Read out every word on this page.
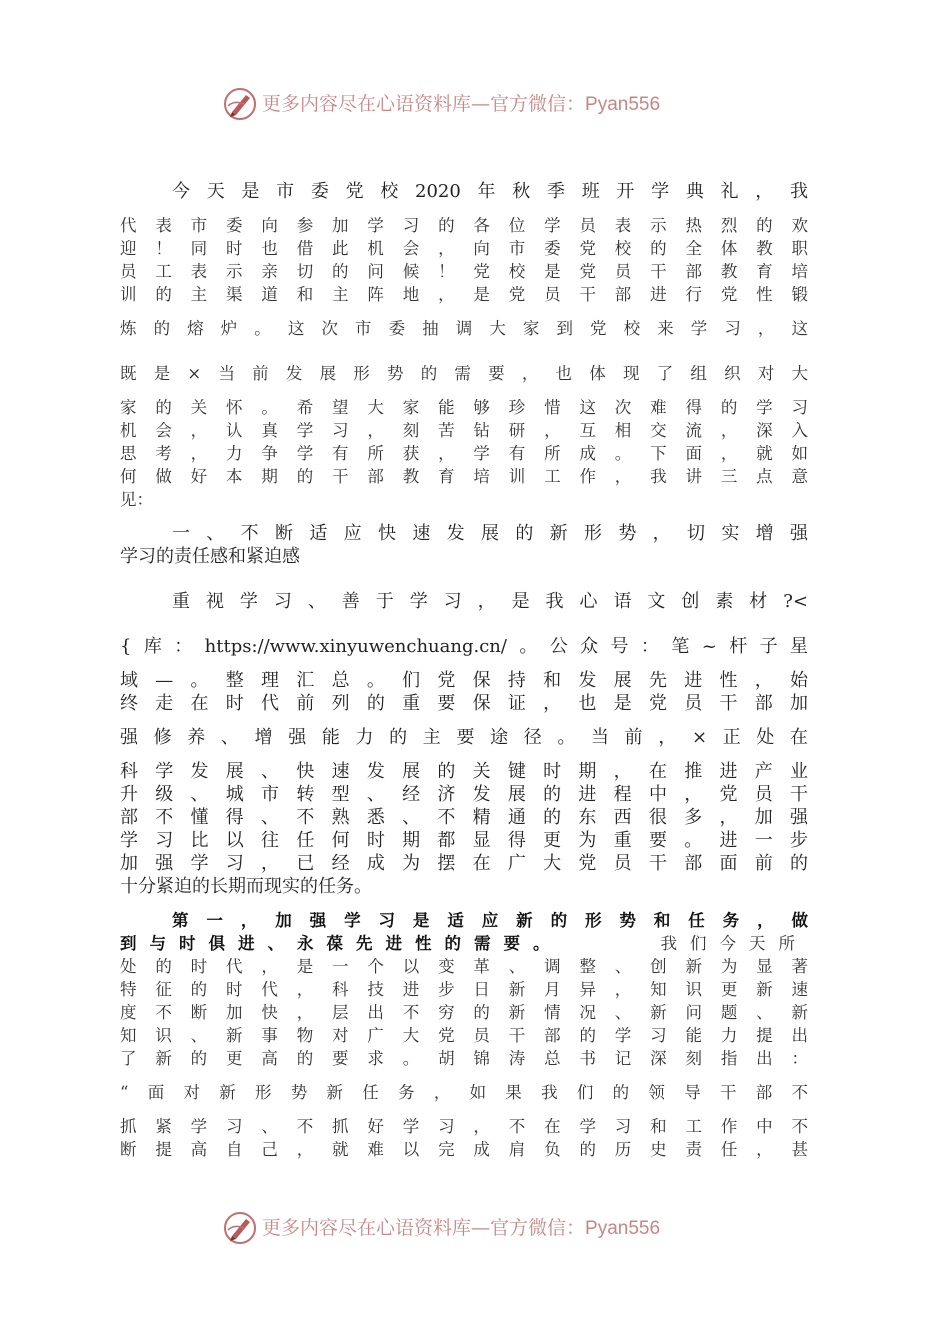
更多内容尽在心语资料库—官方微信：Pyan556
今天是市委党校2020年秋季班开学典礼，我
代表市委向参加学习的各位学员表示热烈的欢
迎！同时也借此机会，向市委党校的全体教职
员工表示亲切的问候！党校是党员干部教育培
训的主渠道和主阵地，是党员干部进行党性锻
炼的熔炉。这次市委抽调大家到党校来学习，这
既是×当前发展形势的需要，也体现了组织对大
家的关怀。希望大家能够珍惜这次难得的学习
机会，认真学习，刻苦钻研，互相交流，深入
思考，力争学有所获，学有所成。下面，就如
何做好本期的干部教育培训工作，我讲三点意
见：
一、不断适应快速发展的新形势，切实增强
学习的责任感和紧迫感
重视学习、善于学习，是我心语文创素材?<
{库：https://www.xinyuwenchuang.cn/。公众号：笔~杆子星
域—。整理汇总。们党保持和发展先进性，始
终走在时代前列的重要保证，也是党员干部加
强修养、增强能力的主要途径。当前，×正处在
科学发展、快速发展的关键时期，在推进产业
升级、城市转型、经济发展的进程中，党员干
部不懂得、不熟悉、不精通的东西很多，加强
学习比以往任何时期都显得更为重要。进一步
加强学习，已经成为摆在广大党员干部面前的
十分紧迫的长期而现实的任务。
第一，加强学习是适应新的形势和任务，做
到与时俱进、永葆先进性的需要。	我们今天所
处的时代，是一个以变革、调整、创新为显著
特征的时代，科技进步日新月异，知识更新速
度不断加快，层出不穷的新情况、新问题、新
知识、新事物对广大党员干部的学习能力提出
了新的更高的要求。胡锦涛总书记深刻指出：
“面对新形势新任务，如果我们的领导干部不
抓紧学习、不抓好学习，不在学习和工作中不
断提高自己，就难以完成肩负的历史责任，甚
更多内容尽在心语资料库—官方微信：Pyan556
